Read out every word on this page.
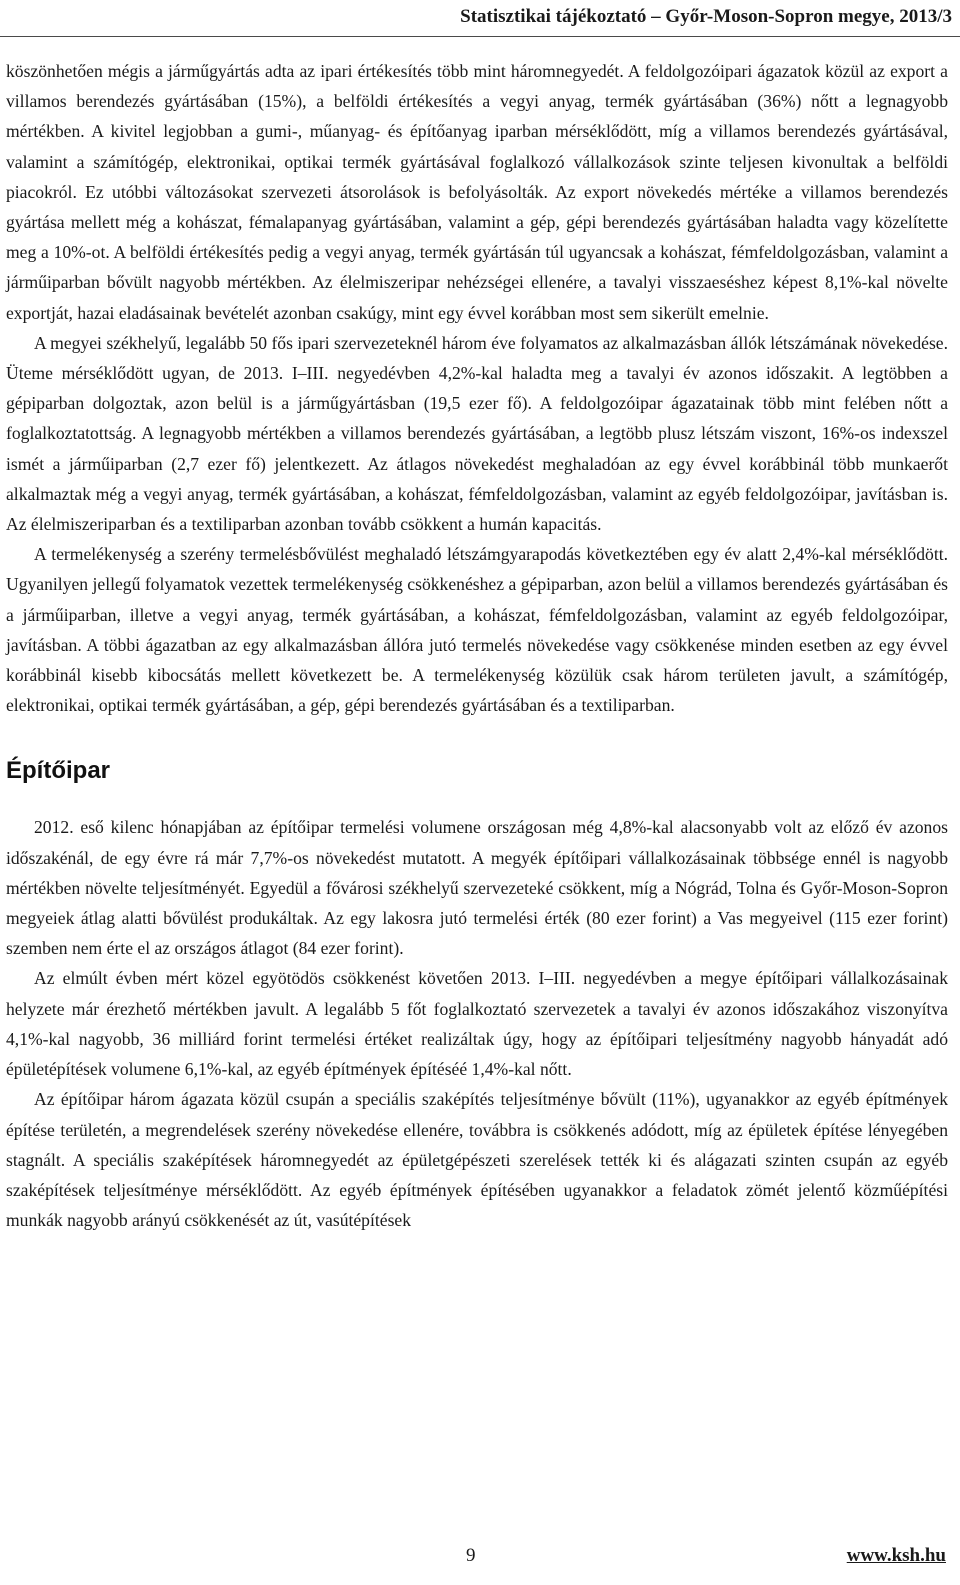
Statisztikai tájékoztató – Győr-Moson-Sopron megye, 2013/3

köszönhetően mégis a járműgyártás adta az ipari értékesítés több mint háromnegyedét. A feldolgozóipari ágazatok közül az export a villamos berendezés gyártásában (15%), a belföldi értékesítés a vegyi anyag, termék gyártásában (36%) nőtt a legnagyobb mértékben. A kivitel legjobban a gumi-, műanyag- és építőanyag iparban mérséklődött, míg a villamos berendezés gyártásával, valamint a számítógép, elektronikai, optikai termék gyártásával foglalkozó vállalkozások szinte teljesen kivonultak a belföldi piacokról. Ez utóbbi változásokat szervezeti átsorolások is befolyásolták. Az export növekedés mértéke a villamos berendezés gyártása mellett még a kohászat, fémalapanyag gyártásában, valamint a gép, gépi berendezés gyártásában haladta vagy közelítette meg a 10%-ot. A belföldi értékesítés pedig a vegyi anyag, termék gyártásán túl ugyancsak a kohászat, fémfeldolgozásban, valamint a járműiparban bővült nagyobb mértékben. Az élelmiszeripar nehézségei ellenére, a tavalyi visszaeséshez képest 8,1%-kal növelte exportját, hazai eladásainak bevételét azonban csakúgy, mint egy évvel korábban most sem sikerült emelnie.

A megyei székhelyű, legalább 50 fős ipari szervezeteknél három éve folyamatos az alkalmazásban állók létszámának növekedése. Üteme mérséklődött ugyan, de 2013. I–III. negyedévben 4,2%-kal haladta meg a tavalyi év azonos időszakit. A legtöbben a gépiparban dolgoztak, azon belül is a járműgyártásban (19,5 ezer fő). A feldolgozóipar ágazatainak több mint felében nőtt a foglalkoztatottság. A legnagyobb mértékben a villamos berendezés gyártásában, a legtöbb plusz létszám viszont, 16%-os indexszel ismét a járműiparban (2,7 ezer fő) jelentkezett. Az átlagos növekedést meghaladóan az egy évvel korábbinál több munkaerőt alkalmaztak még a vegyi anyag, termék gyártásában, a kohászat, fémfeldolgozásban, valamint az egyéb feldolgozóipar, javításban is. Az élelmiszeriparban és a textiliparban azonban tovább csökkent a humán kapacitás.

A termelékenység a szerény termelésbővülést meghaladó létszámgyarapodás következtében egy év alatt 2,4%-kal mérséklődött. Ugyanilyen jellegű folyamatok vezettek termelékenység csökkenéshez a gépiparban, azon belül a villamos berendezés gyártásában és a járműiparban, illetve a vegyi anyag, termék gyártásában, a kohászat, fémfeldolgozásban, valamint az egyéb feldolgozóipar, javításban. A többi ágazatban az egy alkalmazásban állóra jutó termelés növekedése vagy csökkenése minden esetben az egy évvel korábbinál kisebb kibocsátás mellett következett be. A termelékenység közülük csak három területen javult, a számítógép, elektronikai, optikai termék gyártásában, a gép, gépi berendezés gyártásában és a textiliparban.

Építőipar

2012. eső kilenc hónapjában az építőipar termelési volumene országosan még 4,8%-kal alacsonyabb volt az előző év azonos időszakénál, de egy évre rá már 7,7%-os növekedést mutatott. A megyék építőipari vállalkozásainak többsége ennél is nagyobb mértékben növelte teljesítményét. Egyedül a fővárosi székhelyű szervezeteké csökkent, míg a Nógrád, Tolna és Győr-Moson-Sopron megyeiek átlag alatti bővülést produkáltak. Az egy lakosra jutó termelési érték (80 ezer forint) a Vas megyeivel (115 ezer forint) szemben nem érte el az országos átlagot (84 ezer forint).

Az elmúlt évben mért közel egyötödös csökkenést követően 2013. I–III. negyedévben a megye építőipari vállalkozásainak helyzete már érezhető mértékben javult. A legalább 5 főt foglalkoztató szervezetek a tavalyi év azonos időszakához viszonyítva 4,1%-kal nagyobb, 36 milliárd forint termelési értéket realizáltak úgy, hogy az építőipari teljesítmény nagyobb hányadát adó épületépítések volumene 6,1%-kal, az egyéb építmények építéséé 1,4%-kal nőtt.

Az építőipar három ágazata közül csupán a speciális szaképítés teljesítménye bővült (11%), ugyanakkor az egyéb építmények építése területén, a megrendelések szerény növekedése ellenére, továbbra is csökkenés adódott, míg az épületek építése lényegében stagnált. A speciális szaképítések háromnegyedét az épületgépészeti szerelések tették ki és alágazati szinten csupán az egyéb szaképítések teljesítménye mérséklődött. Az egyéb építmények építésében ugyanakkor a feladatok zömét jelentő közműépítési munkák nagyobb arányú csökkenését az út, vasútépítések

9	www.ksh.hu
